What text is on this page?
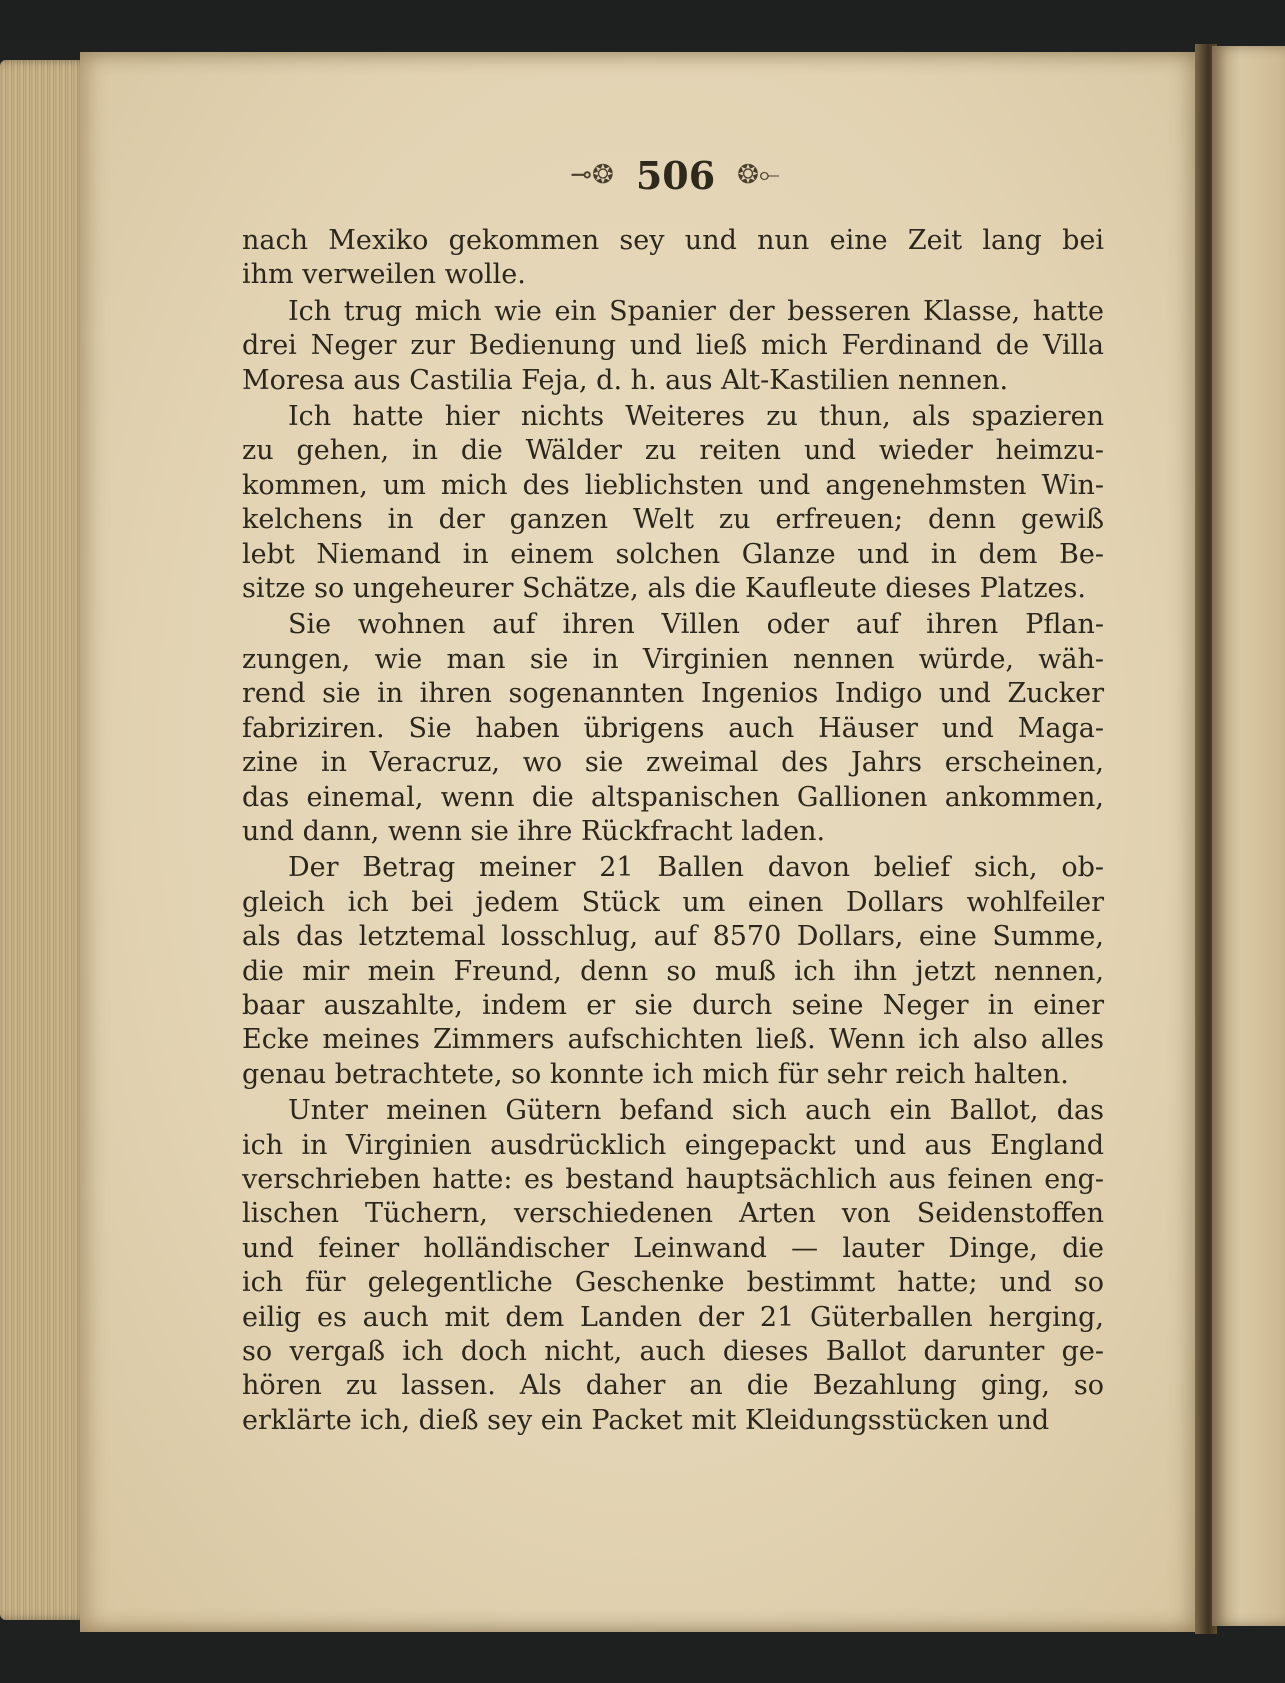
⊸❂ 506 ❂⟜
nach Mexiko gekommen sey und nun eine Zeit lang bei
ihm verweilen wolle.
Ich trug mich wie ein Spanier der besseren Klasse, hatte
drei Neger zur Bedienung und ließ mich Ferdinand de Villa
Moresa aus Castilia Feja, d. h. aus Alt-Kastilien nennen.
Ich hatte hier nichts Weiteres zu thun, als spazieren
zu gehen, in die Wälder zu reiten und wieder heimzu-
kommen, um mich des lieblichsten und angenehmsten Win-
kelchens in der ganzen Welt zu erfreuen; denn gewiß
lebt Niemand in einem solchen Glanze und in dem Be-
sitze so ungeheurer Schätze, als die Kaufleute dieses Platzes.
Sie wohnen auf ihren Villen oder auf ihren Pflan-
zungen, wie man sie in Virginien nennen würde, wäh-
rend sie in ihren sogenannten Ingenios Indigo und Zucker
fabriziren. Sie haben übrigens auch Häuser und Maga-
zine in Veracruz, wo sie zweimal des Jahrs erscheinen,
das einemal, wenn die altspanischen Gallionen ankommen,
und dann, wenn sie ihre Rückfracht laden.
Der Betrag meiner 21 Ballen davon belief sich, ob-
gleich ich bei jedem Stück um einen Dollars wohlfeiler
als das letztemal losschlug, auf 8570 Dollars, eine Summe,
die mir mein Freund, denn so muß ich ihn jetzt nennen,
baar auszahlte, indem er sie durch seine Neger in einer
Ecke meines Zimmers aufschichten ließ. Wenn ich also alles
genau betrachtete, so konnte ich mich für sehr reich halten.
Unter meinen Gütern befand sich auch ein Ballot, das
ich in Virginien ausdrücklich eingepackt und aus England
verschrieben hatte: es bestand hauptsächlich aus feinen eng-
lischen Tüchern, verschiedenen Arten von Seidenstoffen
und feiner holländischer Leinwand — lauter Dinge, die
ich für gelegentliche Geschenke bestimmt hatte; und so
eilig es auch mit dem Landen der 21 Güterballen herging,
so vergaß ich doch nicht, auch dieses Ballot darunter ge-
hören zu lassen. Als daher an die Bezahlung ging, so
erklärte ich, dieß sey ein Packet mit Kleidungsstücken und
